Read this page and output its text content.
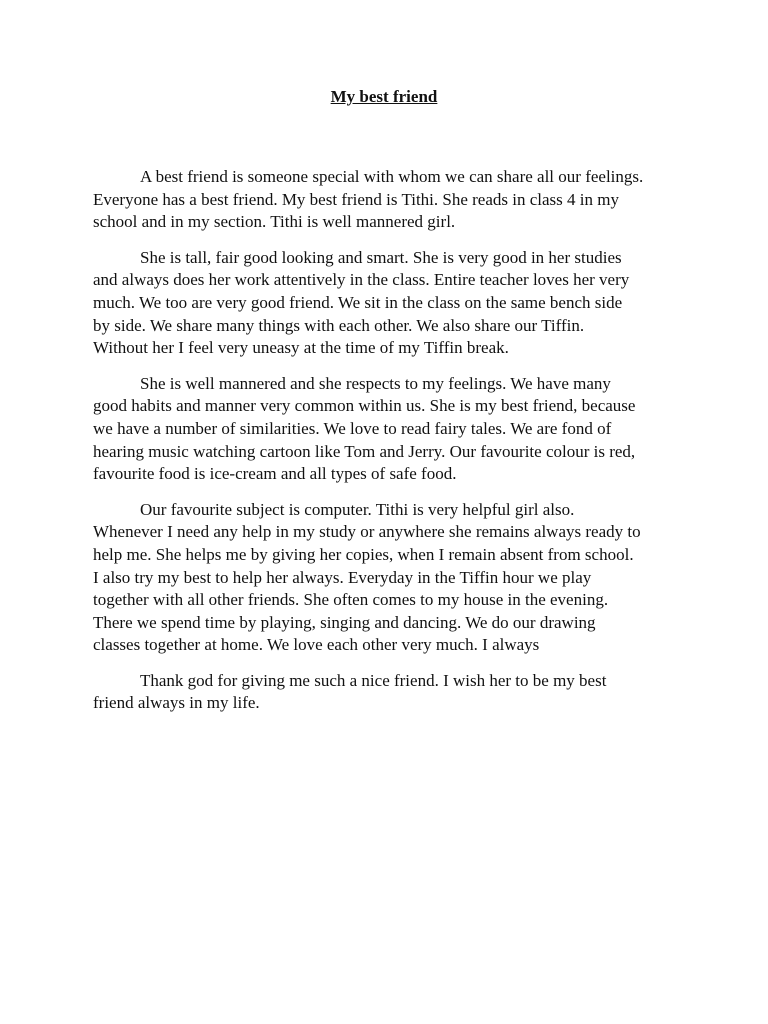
My best friend

A best friend is someone special with whom we can share all our feelings.
Everyone has a best friend. My best friend is Tithi. She reads in class 4 in my
school and in my section. Tithi is well mannered girl.

She is tall, fair good looking and smart. She is very good in her studies
and always does her work attentively in the class. Entire teacher loves her very
much. We too are very good friend. We sit in the class on the same bench side
by side. We share many things with each other. We also share our Tiffin.
Without her I feel very uneasy at the time of my Tiffin break.

She is well mannered and she respects to my feelings. We have many
good habits and manner very common within us. She is my best friend, because
we have a number of similarities. We love to read fairy tales. We are fond of
hearing music watching cartoon like Tom and Jerry. Our favourite colour is red,
favourite food is ice-cream and all types of safe food.

Our favourite subject is computer. Tithi is very helpful girl also.
Whenever I need any help in my study or anywhere she remains always ready to
help me. She helps me by giving her copies, when I remain absent from school.
I also try my best to help her always. Everyday in the Tiffin hour we play
together with all other friends. She often comes to my house in the evening.
There we spend time by playing, singing and dancing. We do our drawing
classes together at home. We love each other very much. I always

Thank god for giving me such a nice friend. I wish her to be my best
friend always in my life.
